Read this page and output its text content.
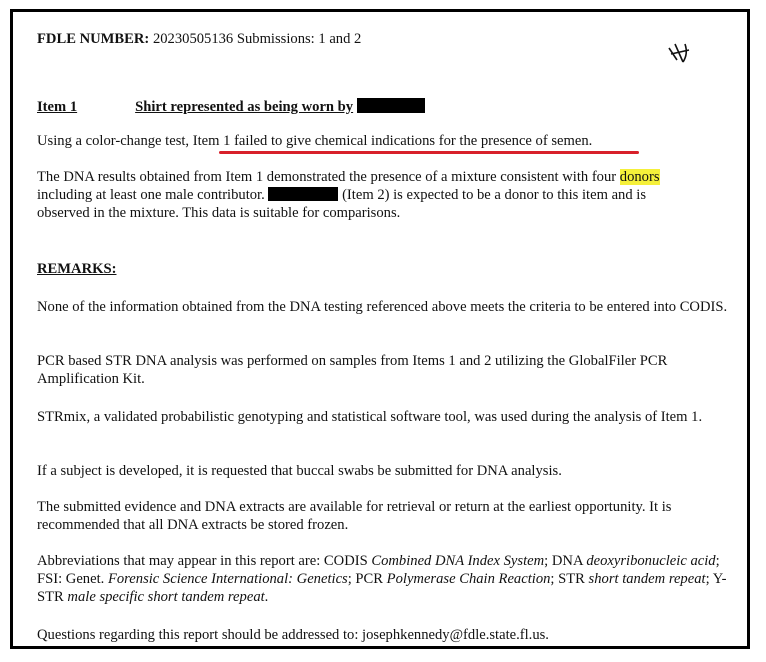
FDLE NUMBER: 20230505136 Submissions: 1 and 2
Item 1	Shirt represented as being worn by
Using a color-change test, Item 1 failed to give chemical indications for the presence of semen.
The DNA results obtained from Item 1 demonstrated the presence of a mixture consistent with four donors
including at least one male contributor.	(Item 2) is expected to be a donor to this item and is
observed in the mixture. This data is suitable for comparisons.
REMARKS:
None of the information obtained from the DNA testing referenced above meets the criteria to be entered into CODIS.
PCR based STR DNA analysis was performed on samples from Items 1 and 2 utilizing the GlobalFiler PCR Amplification Kit.
STRmix, a validated probabilistic genotyping and statistical software tool, was used during the analysis of Item 1.
If a subject is developed, it is requested that buccal swabs be submitted for DNA analysis.
The submitted evidence and DNA extracts are available for retrieval or return at the earliest opportunity. It is recommended that all DNA extracts be stored frozen.
Abbreviations that may appear in this report are: CODIS Combined DNA Index System; DNA deoxyribonucleic acid; FSI: Genet. Forensic Science International: Genetics; PCR Polymerase Chain Reaction; STR short tandem repeat; Y-STR male specific short tandem repeat.
Questions regarding this report should be addressed to: josephkennedy@fdle.state.fl.us.
